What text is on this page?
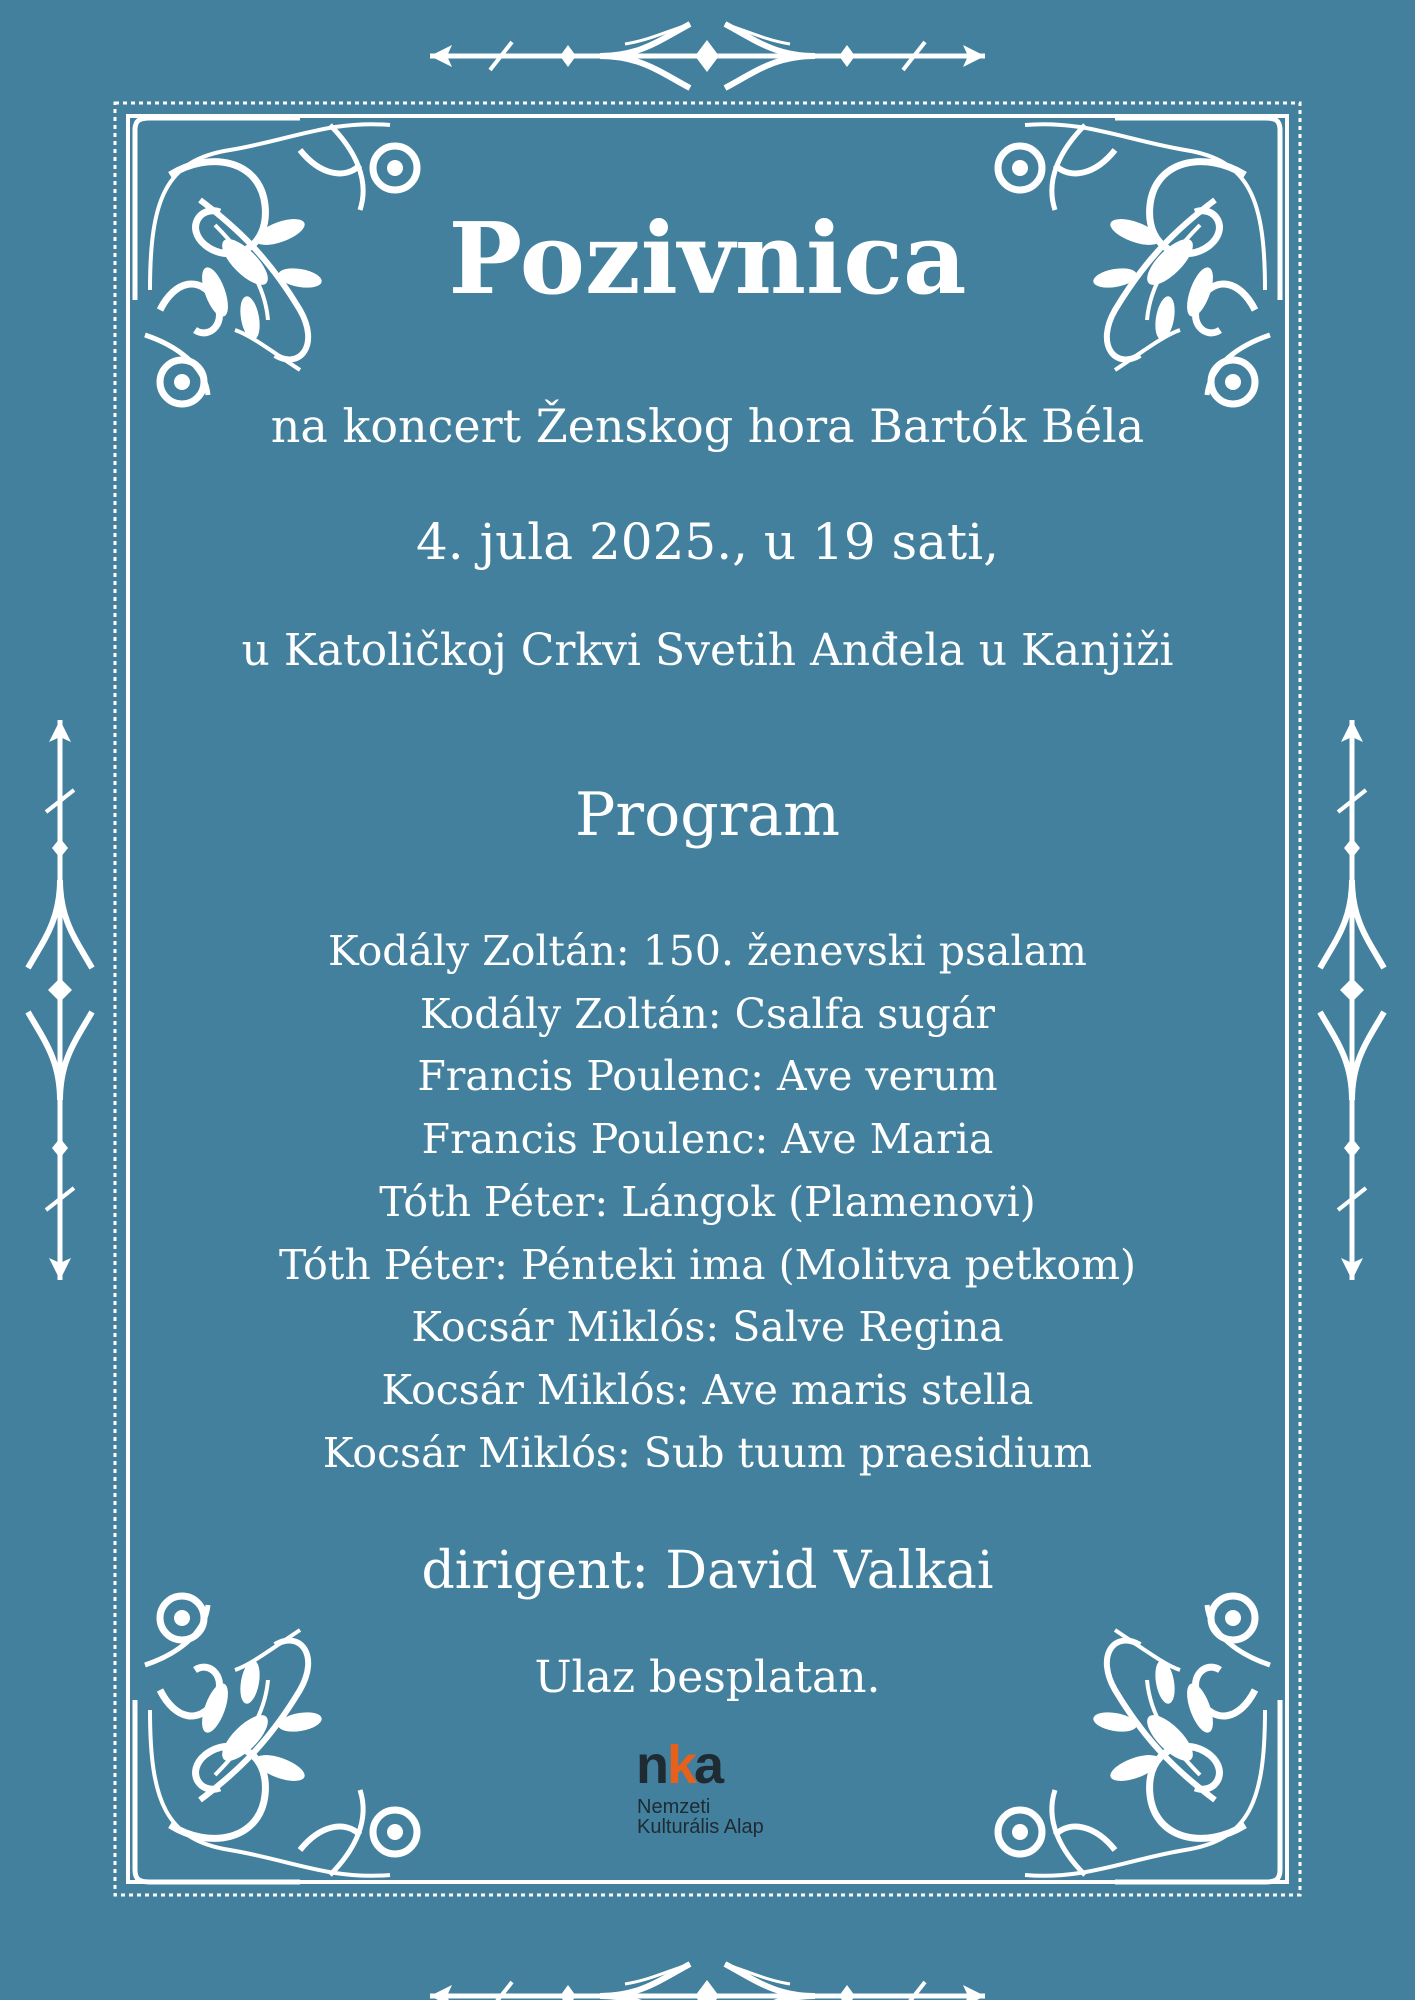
Pozivnica
na koncert Ženskog hora Bartók Béla
4. jula 2025., u 19 sati,
u Katoličkoj Crkvi Svetih Anđela u Kanjiži
Program
Kodály Zoltán: 150. ženevski psalam
Kodály Zoltán: Csalfa sugár
Francis Poulenc: Ave verum
Francis Poulenc: Ave Maria
Tóth Péter: Lángok (Plamenovi)
Tóth Péter: Pénteki ima (Molitva petkom)
Kocsár Miklós: Salve Regina
Kocsár Miklós: Ave maris stella
Kocsár Miklós: Sub tuum praesidium
dirigent: David Valkai
Ulaz besplatan.
n
k
a
Nemzeti
Kulturális Alap
